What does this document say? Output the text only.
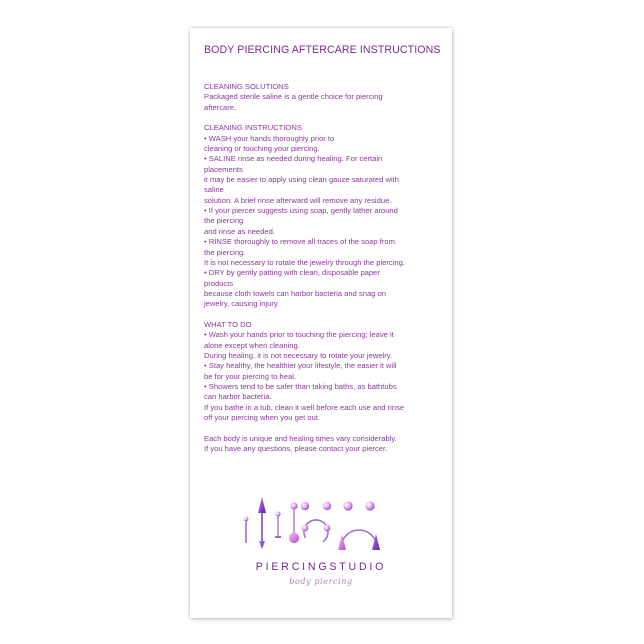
BODY PIERCING AFTERCARE INSTRUCTIONS
CLEANING SOLUTIONS
Packaged sterile saline is a gentle choice for piercing
aftercare.
CLEANING INSTRUCTIONS
• WASH your hands thoroughly prior to
cleaning or touching your piercing.
• SALINE rinse as needed during healing. For certain
placements
it may be easier to apply using clean gauze saturated with
saline
solution. A brief rinse afterward will remove any residue.
• If your piercer suggests using soap, gently lather around
the piercing
and rinse as needed.
• RINSE thoroughly to remove all traces of the soap from
the piercing.
It is not necessary to rotate the jewelry through the piercing.
• DRY by gently patting with clean, disposable paper
products
because cloth towels can harbor bacteria and snag on
jewelry, causing injury.
WHAT TO DO
• Wash your hands prior to touching the piercing; leave it
alone except when cleaning.
During healing, it is not necessary to rotate your jewelry.
• Stay healthy, the healthier your lifestyle, the easier it will
be for your piercing to heal.
• Showers tend to be safer than taking baths, as bathtubs
can harbor bacteria.
If you bathe in a tub, clean it well before each use and rinse
off your piercing when you get out.
Each body is unique and healing times vary considerably.
If you have any questions, please contact your piercer.
PIERCINGSTUDIO
body piercing
